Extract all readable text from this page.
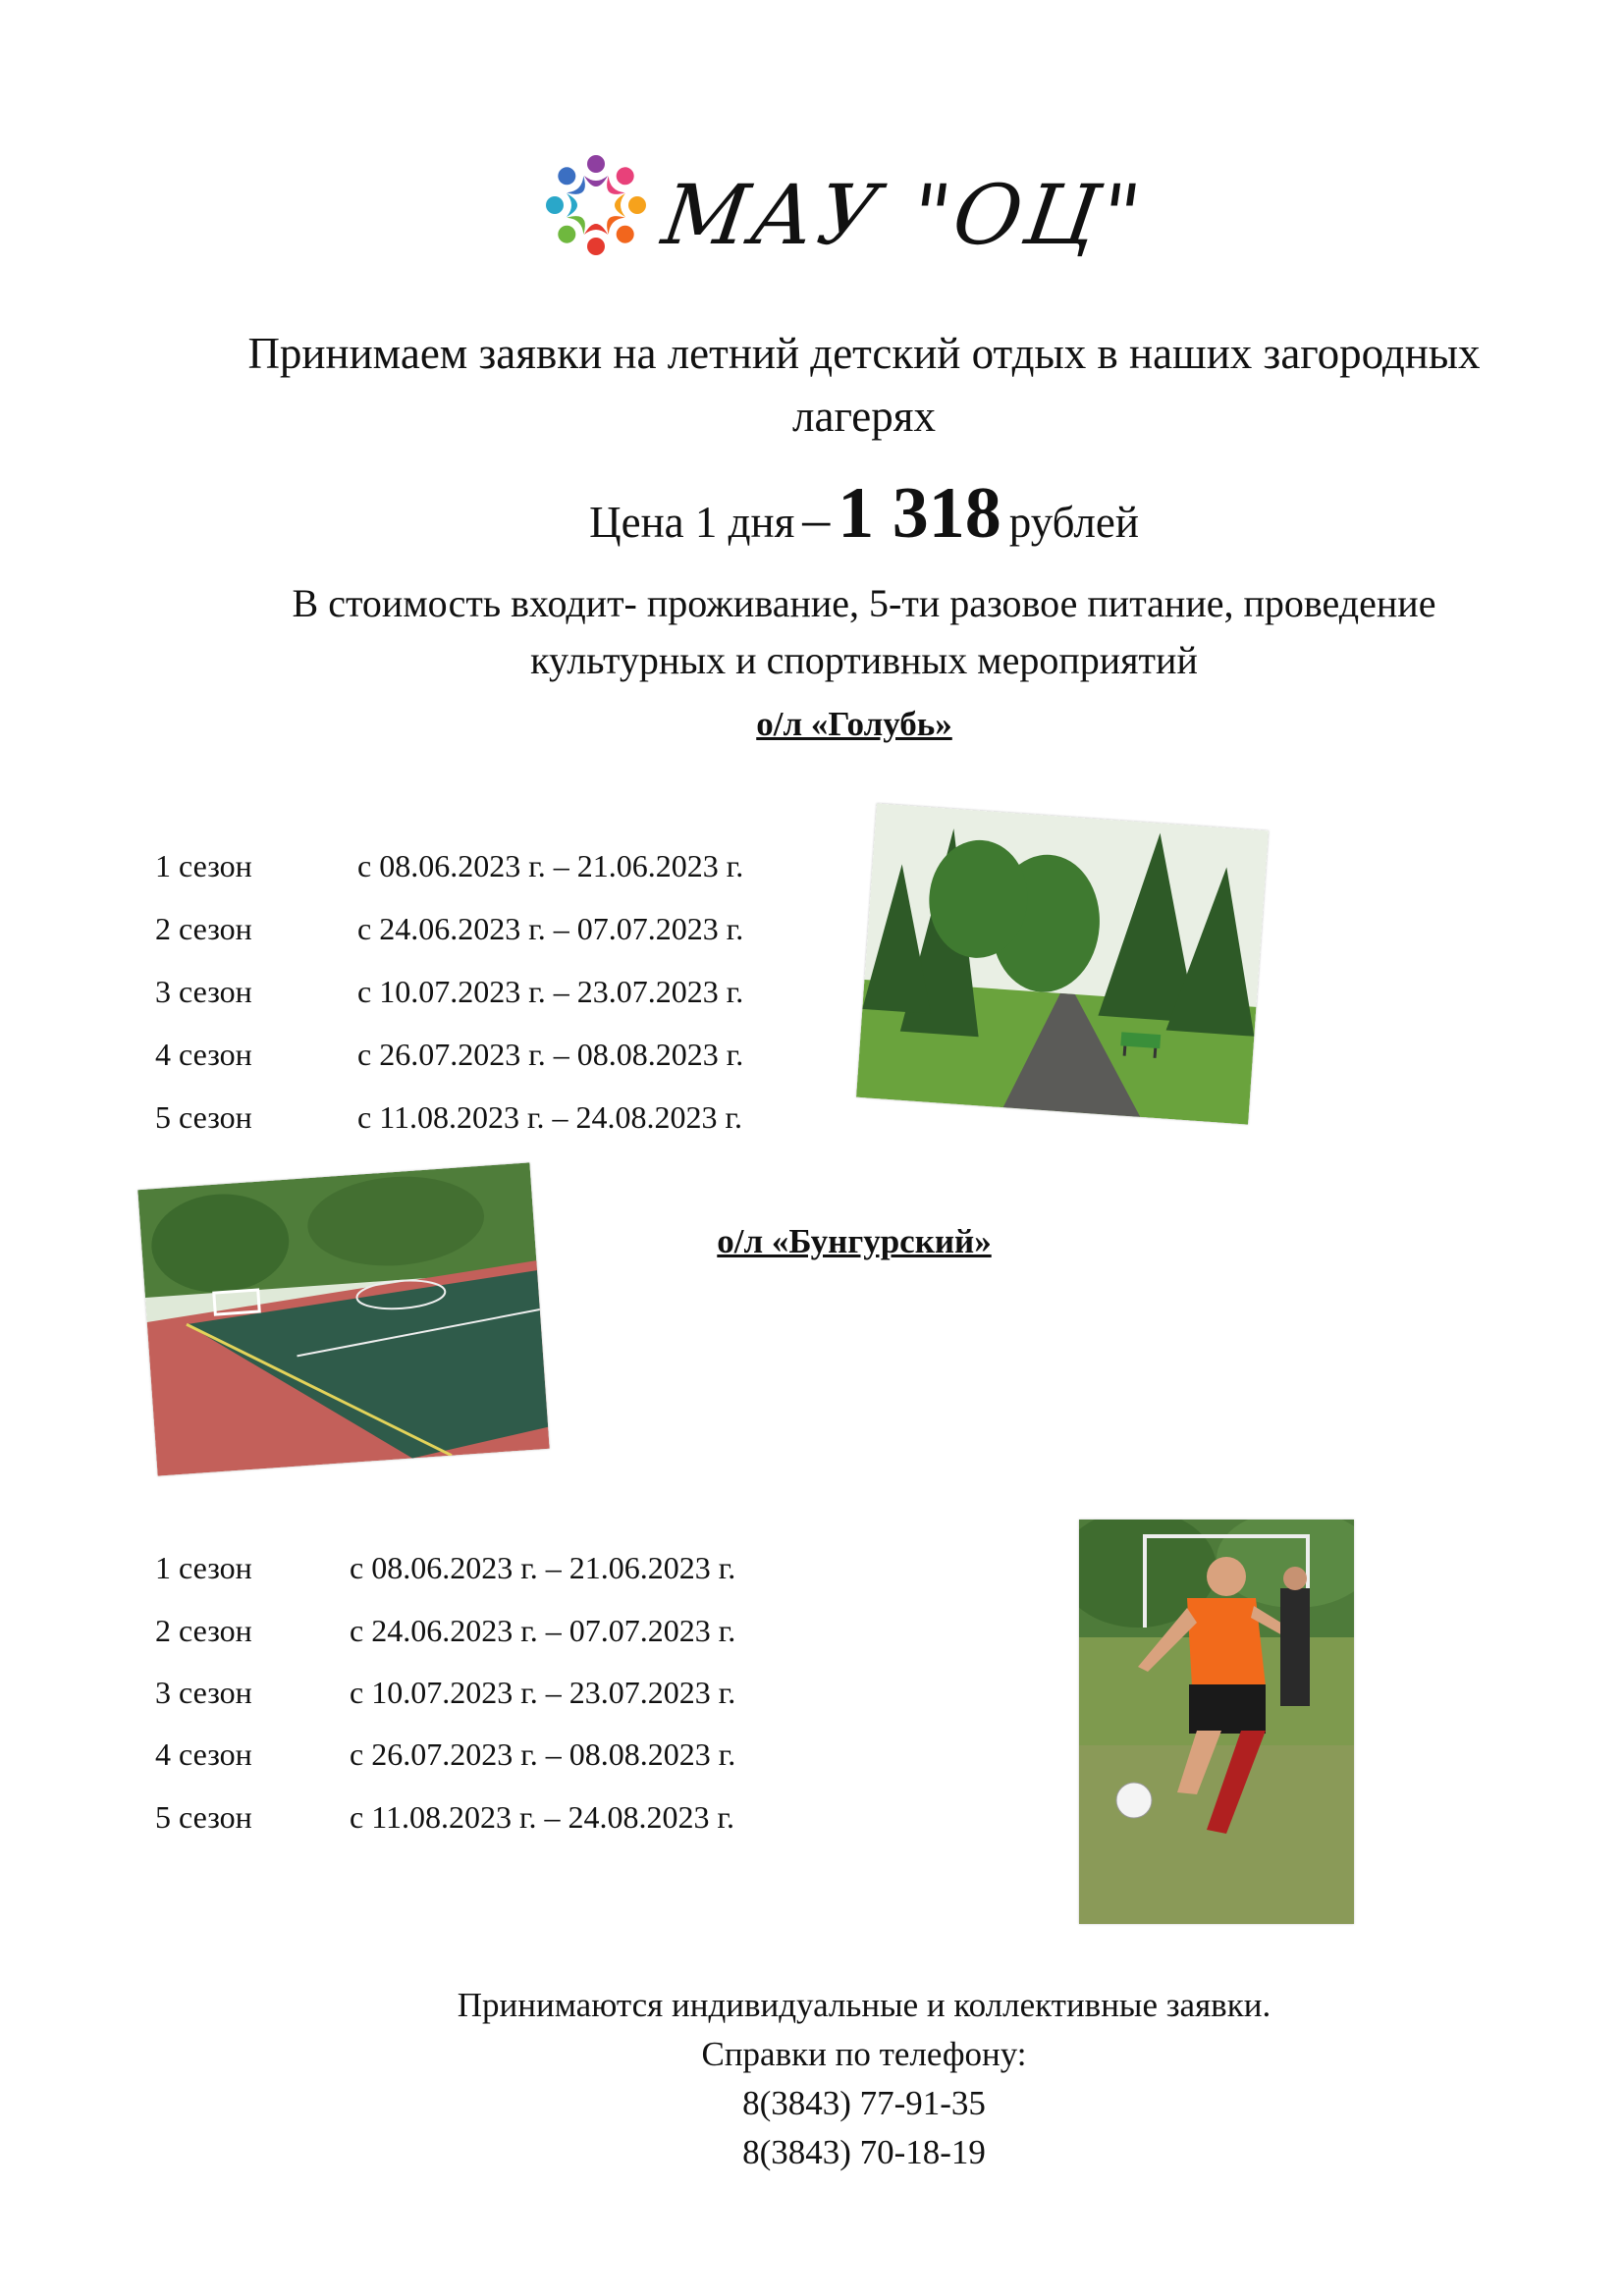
МАУ "ОЦ"
Принимаем заявки на летний детский отдых в наших загородных
лагерях
Цена 1 дня – 1 318 рублей
В стоимость входит- проживание, 5-ти разовое питание, проведение
культурных и спортивных мероприятий
о/л «Голубь»
1 сезон	с 08.06.2023 г. – 21.06.2023 г.
2 сезон	с 24.06.2023 г. – 07.07.2023 г.
3 сезон	с 10.07.2023 г. – 23.07.2023 г.
4 сезон	с 26.07.2023 г. – 08.08.2023 г.
5 сезон	с 11.08.2023 г. – 24.08.2023 г.
о/л «Бунгурский»
1 сезон	с 08.06.2023 г. – 21.06.2023 г.
2 сезон	с 24.06.2023 г. – 07.07.2023 г.
3 сезон	с 10.07.2023 г. – 23.07.2023 г.
4 сезон	с 26.07.2023 г. – 08.08.2023 г.
5 сезон	с 11.08.2023 г. – 24.08.2023 г.
Принимаются индивидуальные и коллективные заявки.
Справки по телефону:
8(3843) 77-91-35
8(3843) 70-18-19
